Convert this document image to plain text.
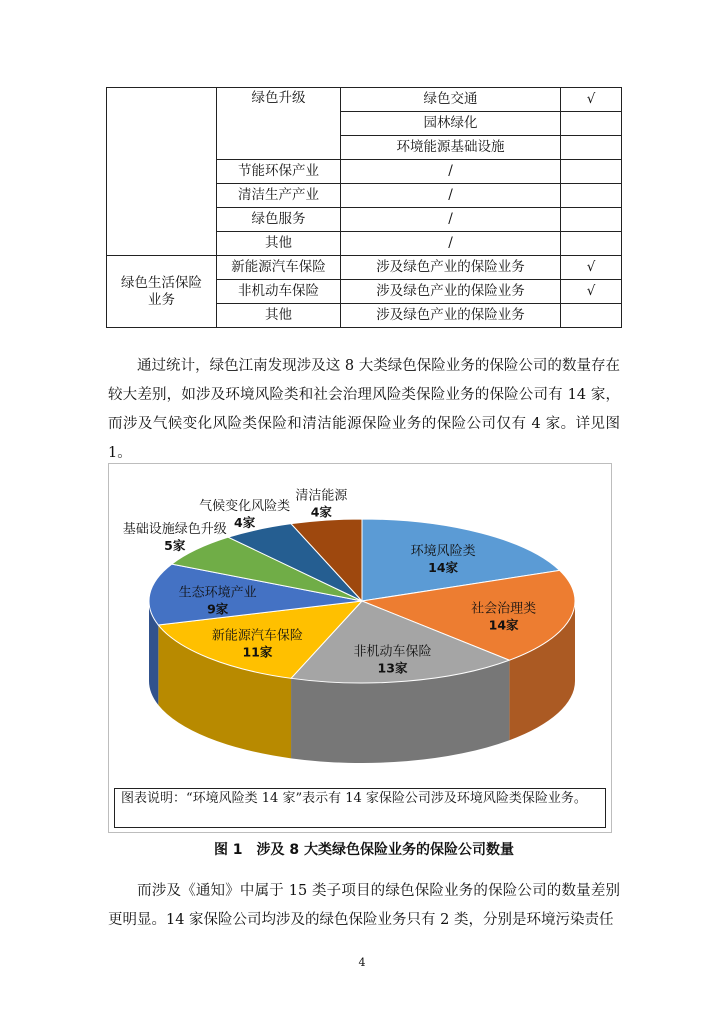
	绿色升级	绿色交通	√
		园林绿化	
		环境能源基础设施	
	节能环保产业	/	
	清洁生产产业	/	
	绿色服务	/	
	其他	/	
绿色生活保险业务	新能源汽车保险	涉及绿色产业的保险业务	√
	非机动车保险	涉及绿色产业的保险业务	√
	其他	涉及绿色产业的保险业务	

通过统计，绿色江南发现涉及这 8 大类绿色保险业务的保险公司的数量存在较大差别，如涉及环境风险类和社会治理风险类保险业务的保险公司有 14 家，而涉及气候变化风险类保险和清洁能源保险业务的保险公司仅有 4 家。详见图 1。

环境风险类
14家
社会治理类
14家
非机动车保险
13家
新能源汽车保险
11家
生态环境产业
9家
基础设施绿色升级
5家
气候变化风险类
4家
清洁能源
4家
图表说明：“环境风险类 14 家”表示有 14 家保险公司涉及环境风险类保险业务。
图 1　涉及 8 大类绿色保险业务的保险公司数量

而涉及《通知》中属于 15 类子项目的绿色保险业务的保险公司的数量差别更明显。14 家保险公司均涉及的绿色保险业务只有 2 类，分别是环境污染责任

4
